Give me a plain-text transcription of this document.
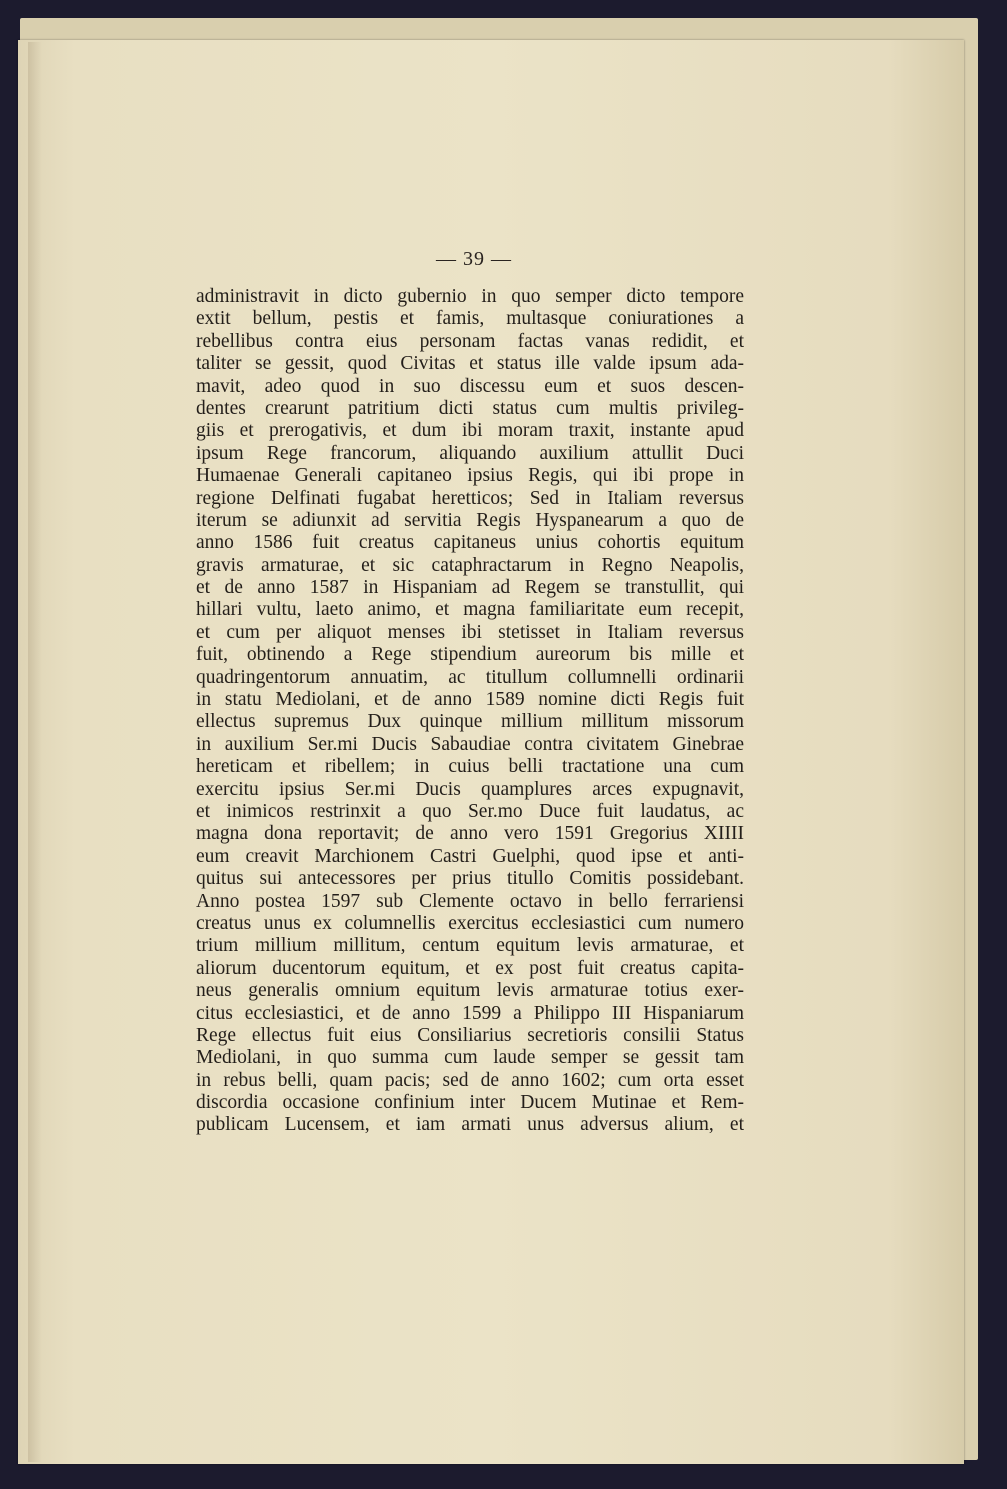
— 39 —
administravit in dicto gubernio in quo semper dicto tempore
extit bellum, pestis et famis, multasque coniurationes a
rebellibus contra eius personam factas vanas redidit, et
taliter se gessit, quod Civitas et status ille valde ipsum ada-
mavit, adeo quod in suo discessu eum et suos descen-
dentes crearunt patritium dicti status cum multis privileg-
giis et prerogativis, et dum ibi moram traxit, instante apud
ipsum Rege francorum, aliquando auxilium attullit Duci
Humaenae Generali capitaneo ipsius Regis, qui ibi prope in
regione Delfinati fugabat heretticos; Sed in Italiam reversus
iterum se adiunxit ad servitia Regis Hyspanearum a quo de
anno 1586 fuit creatus capitaneus unius cohortis equitum
gravis armaturae, et sic cataphractarum in Regno Neapolis,
et de anno 1587 in Hispaniam ad Regem se transtullit, qui
hillari vultu, laeto animo, et magna familiaritate eum recepit,
et cum per aliquot menses ibi stetisset in Italiam reversus
fuit, obtinendo a Rege stipendium aureorum bis mille et
quadringentorum annuatim, ac titullum collumnelli ordinarii
in statu Mediolani, et de anno 1589 nomine dicti Regis fuit
ellectus supremus Dux quinque millium millitum missorum
in auxilium Ser.mi Ducis Sabaudiae contra civitatem Ginebrae
hereticam et ribellem; in cuius belli tractatione una cum
exercitu ipsius Ser.mi Ducis quamplures arces expugnavit,
et inimicos restrinxit a quo Ser.mo Duce fuit laudatus, ac
magna dona reportavit; de anno vero 1591 Gregorius XIIII
eum creavit Marchionem Castri Guelphi, quod ipse et anti-
quitus sui antecessores per prius titullo Comitis possidebant.
Anno postea 1597 sub Clemente octavo in bello ferrariensi
creatus unus ex columnellis exercitus ecclesiastici cum numero
trium millium millitum, centum equitum levis armaturae, et
aliorum ducentorum equitum, et ex post fuit creatus capita-
neus generalis omnium equitum levis armaturae totius exer-
citus ecclesiastici, et de anno 1599 a Philippo III Hispaniarum
Rege ellectus fuit eius Consiliarius secretioris consilii Status
Mediolani, in quo summa cum laude semper se gessit tam
in rebus belli, quam pacis; sed de anno 1602; cum orta esset
discordia occasione confinium inter Ducem Mutinae et Rem-
publicam Lucensem, et iam armati unus adversus alium, et
